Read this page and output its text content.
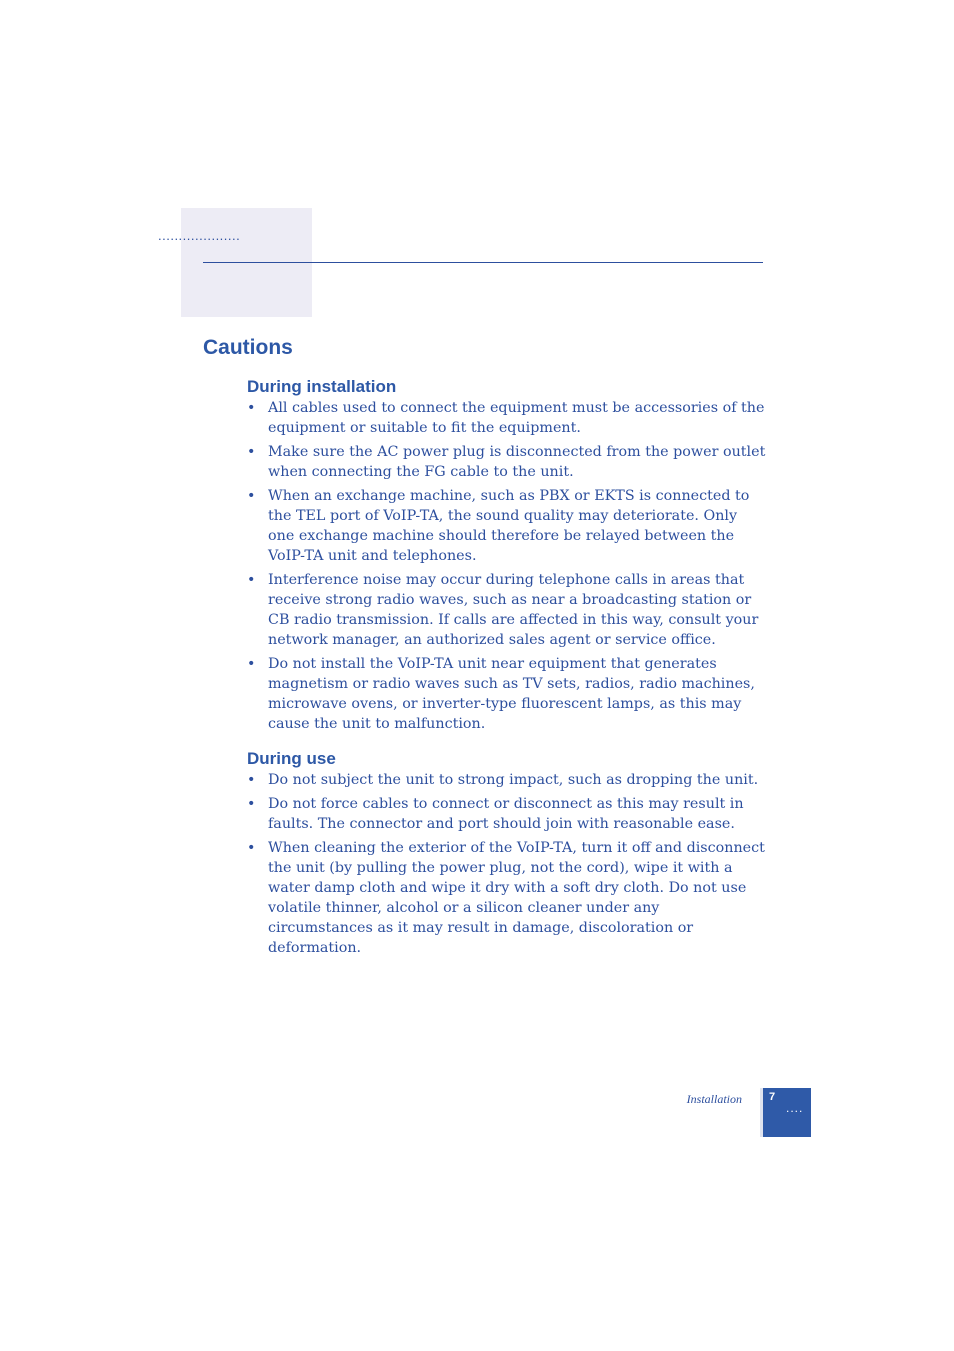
....................
Cautions
During installation
• All cables used to connect the equipment must be accessories of the equipment or suitable to fit the equipment.
• Make sure the AC power plug is disconnected from the power outlet when connecting the FG cable to the unit.
• When an exchange machine, such as PBX or EKTS is connected to the TEL port of VoIP-TA, the sound quality may deteriorate. Only one exchange machine should therefore be relayed between the VoIP-TA unit and telephones.
• Interference noise may occur during telephone calls in areas that receive strong radio waves, such as near a broadcasting station or CB radio transmission. If calls are affected in this way, consult your network manager, an authorized sales agent or service office.
• Do not install the VoIP-TA unit near equipment that generates magnetism or radio waves such as TV sets, radios, radio machines, microwave ovens, or inverter-type fluorescent lamps, as this may cause the unit to malfunction.
During use
• Do not subject the unit to strong impact, such as dropping the unit.
• Do not force cables to connect or disconnect as this may result in faults. The connector and port should join with reasonable ease.
• When cleaning the exterior of the VoIP-TA, turn it off and disconnect the unit (by pulling the power plug, not the cord), wipe it with a water damp cloth and wipe it dry with a soft dry cloth. Do not use volatile thinner, alcohol or a silicon cleaner under any circumstances as it may result in damage, discoloration or deformation.
Installation 7
....
